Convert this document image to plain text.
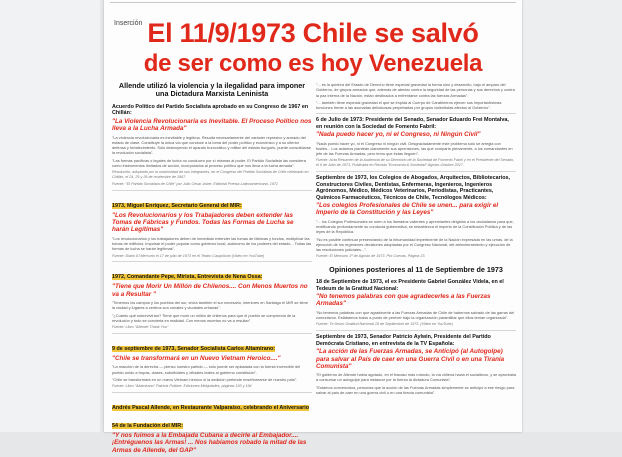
Inserción El 11/9/1973 Chile se salvó
de ser como es hoy Venezuela
Allende utilizó la violencia y la ilegalidad para imponer una Dictadura Marxista Leninista
Acuerdo Político del Partido Socialista aprobado en su Congreso de 1967 en Chillán:
"La Violencia Revolucionaria es Inevitable. El Proceso Político nos lleva a la Lucha Armada"
"La violencia revolucionaria es inevitable y legítima. Resulta necesariamente del carácter represivo y armado del estado de clase. Constituye la única vía que conduce a la toma del poder político y económico y a su ulterior defensa y fortalecimiento. Sólo destruyendo el aparato burocrático y militar del estado burgués, puede consolidarse la revolución socialista".
"Las formas pacíficas o legales de lucha no conducen por sí mismas al poder. El Partido Socialista las considera como instrumentos limitados de acción, incorporados al proceso político que nos lleva a la lucha armada".
Resolución, adoptada por la unanimidad de sus integrantes, en el Congreso del Partido Socialista de Chile celebrado en Chillán, el 24, 25 y 26 de noviembre de 1967.
Fuente: "El Partido Socialista de Chile" por Julio César Jobet. Editorial Prensa Latinoamericana, 1971
1973, Miguel Enríquez, Secretario General del MIR:
"Los Revolucionarios y los Trabajadores deben extender las Tomas de Fábricas y Fundos. Todas las Formas de Lucha se harán Legítimas"
"Los revolucionarios y los trabajadores deben de inmediato extender las tomas de fábricas y fundos, multiplicar las tomas de edificios. Impulsar el poder popular como gobierno local, autónomo de los poderes del estado... Todas las formas de lucha se harán legítimas".
Fuente: Diario El Mercurio el 17 de julio de 1973 en el Teatro Caupolicán (Video en YouTube)
1972, Comandante Pepe, Mirista, Entrevista de Nena Ossa:
"Tiene que Morir Un Millón de Chilenos.... Con Menos Muertos no va a Resultar "
"Tenemos los campos y los pueblos del sur, vivirá también el sur necesario, interiores en Santiago el MIR se tiene la ciudad y lugares a centros son zonales y ciudades urbanas".
"¿Cuánto qué sobrevivirían? Tiene que morir un millón de chilenos para que el pueblo se comprenda de la revolución y todo se convierta en realidad. Con menos muertos no va a resultar".
Fuente: Libro "Allende Thank You"
9 de septiembre de 1973, Senador Socialista Carlos Altamirano:
"Chile se transformará en un Nuevo Vietnam Heroico...."
"La reacción de la derecha — pienso nuestro partido — sólo puede ser aplastada con la fuerza invencible del pueblo unido a tropas, clases, suboficiales y oficiales leales al gobierno constituido".
"Chile se transformará en un nuevo Vietnam heroico si la sedición pretende enseñorearse de nuestro país".
Fuente: Libro "Altamirano" Patricia Politzer. Ediciones Melquiades, páginas 193 y 194
Andrés Pascal Allende, en Restaurante Valparaíso, celebrando el Aniversario 54 de la Fundación del MIR:
"Y nos fuimos a la Embajada Cubana a decirle al Embajador.... ¡Entréguenos las Armas! ... Nos habíamos robado la mitad de las Armas de Allende, del GAP"
"... es la quiebra del Estado de Derecho tiene especial gravedad la forma sino y desarrollo, bajo el amparo del Gobierno, de grupos armados que, además de atentar contra la seguridad de las personas y sus derechos y contra la paz interna de la Nación, están destinados a enfrentarse contra las fuerzas Armadas".
"... también tiene especial gravedad el que se impida al Cuerpo de Carabineros ejercer sus importantísimas funciones frente a las asonadas delictuosas perpetradas por grupos violentistas afectos al Gobierno".
6 de Julio de 1973: Presidente del Senado, Senador Eduardo Frei Montalva, en reunión con la Sociedad de Fomento Fabril:
"Nada puedo hacer yo, ni el Congreso, ni Ningún Civil"
"Nada puedo hacer yo, ni el Congreso ni ningún civil. Desgraciadamente este problema sólo se arregla con fusiles... Los aviamos plantean claramente sus aprensiones, las que comparto plenamente, a los comandantes en jefe de las Fuerzas Armadas, pero temo que éstas lleguen".
Fuente: Acta Resumen de la Audiencia de su Directorio de la Sociedad de Fomento Fabril y en el Presidente del Senado, el 6 de Julio de 1973, Publicada en Revista "Economía & Sociedad" Agosto-Octubre 2017.
Septiembre de 1973, los Colegios de Abogados, Arquitectos, Bibliotecarios, Constructores Civiles, Dentistas, Enfermeras, Ingenieros, Ingenieros Agrónomos, Médico, Médicos Veterinarios, Periodistas, Practicantes, Químicos Farmacéuticos, Técnicos de Chile, Tecnólogos Médicos:
"Los colegios Profesionales de Chile se unen... para exigir el Imperio de la Constitución y las Leyes"
"... los Colegios Profesionales se unen a los llamados valientes y apremiantes dirigidos a los ciudadanos para que, rectificando profundamente su conducta gubernativa, se restablezca el imperio de la Constitución Política y de las leyes de la República.
"No es posible continuar presenciando de la inhumanidad impertinente de la Nación expresada en las urnas, de la ejecución de los regímenes decisiones adoptadas por el Congreso Nacional, del atrincheramiento y ejecución de las resoluciones judiciales...".
Fuente: El Mercurio 1º de Agosto de 1973. Por Cuevas. Página 23.
Opiniones posteriores al 11 de Septiembre de 1973
18 de Septiembre de 1973, el ex Presidente Gabriel González Videla, en el Tedeum de la Gratitud Nacional:
"No tenemos palabras con que agradecerles a las Fuerzas Armadas"
"No tenemos palabras con que agradecerle a las Fuerzas Armadas de Chile de habernos salvado de las garras del comunismo. Estábamos todos a punto de perecer bajo la organización paramilitar que ellos tenían organizada".
Fuente: Te Deum Gratitud Nacional 18 de Septiembre de 1973. (Video en YouTube)
Septiembre de 1973, Senador Patricio Aylwin, Presidente del Partido Demócrata Cristiano, en entrevista de la TV Española:
"La acción de las Fuerzas Armadas, se Anticipó (al Autogolpe) para salvar al País de caer en una Guerra Civil o en una Tiranía Comunista"
"El gobierno de Allende había agotado, en el fracaso más rotundo, la vía chilena hacia el socialismo, y se aprontaba a consumar un autogolpe para instaurar por la fuerza la dictadura Comunista".
"Estamos convencidos, personas que la acción de las Fuerzas Armadas simplemente se anticipó a ese riesgo para salvar al país de caer en una guerra civil o en una tiranía comunista".
